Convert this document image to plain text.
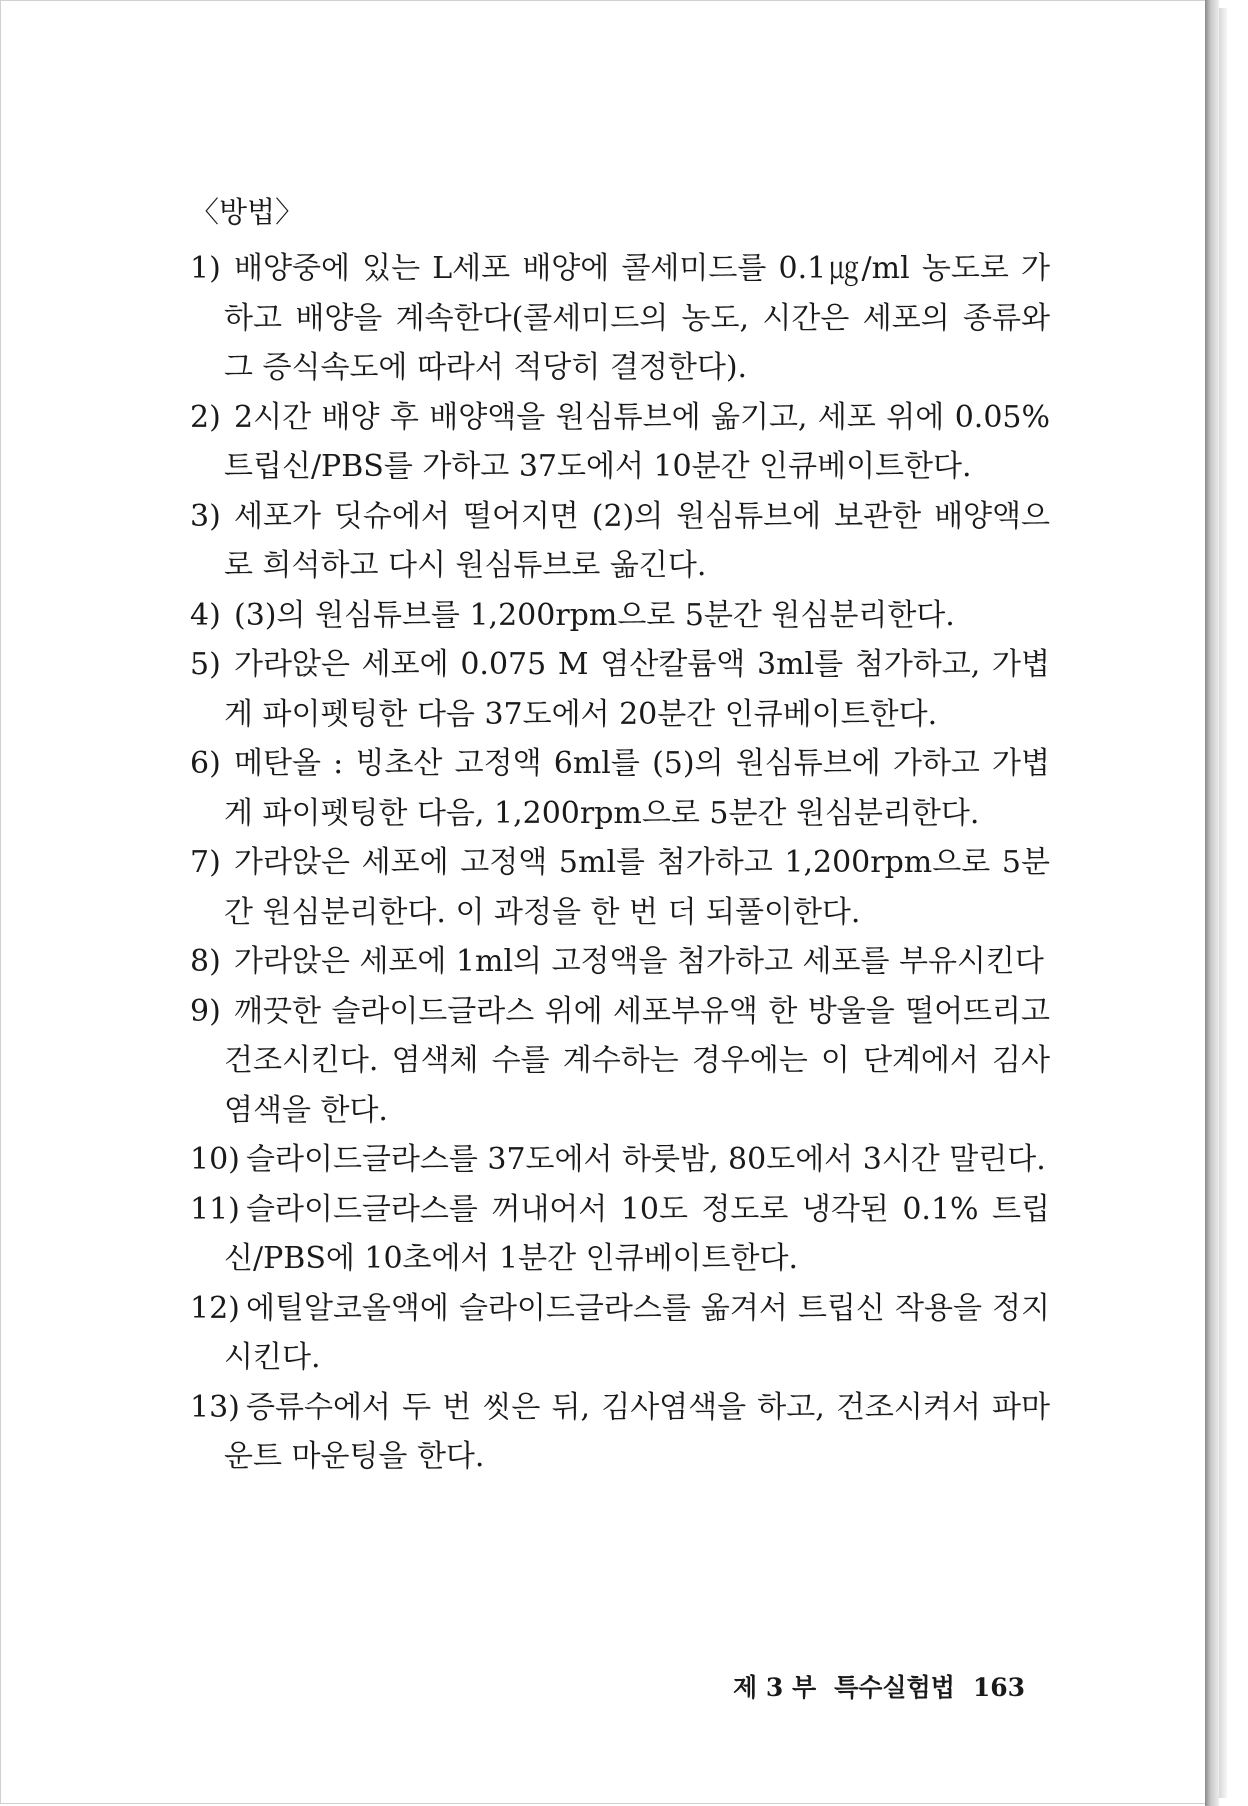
〈방법〉
1) 배양중에 있는 L세포 배양에 콜세미드를 0.1㎍/ml 농도로 가하고 배양을 계속한다(콜세미드의 농도, 시간은 세포의 종류와 그 증식속도에 따라서 적당히 결정한다).
2) 2시간 배양 후 배양액을 원심튜브에 옮기고, 세포 위에 0.05% 트립신/PBS를 가하고 37도에서 10분간 인큐베이트한다.
3) 세포가 딧슈에서 떨어지면 (2)의 원심튜브에 보관한 배양액으로 희석하고 다시 원심튜브로 옮긴다.
4) (3)의 원심튜브를 1,200rpm으로 5분간 원심분리한다.
5) 가라앉은 세포에 0.075 M 염산칼륨액 3ml를 첨가하고, 가볍게 파이펫팅한 다음 37도에서 20분간 인큐베이트한다.
6) 메탄올 : 빙초산 고정액 6ml를 (5)의 원심튜브에 가하고 가볍게 파이펫팅한 다음, 1,200rpm으로 5분간 원심분리한다.
7) 가라앉은 세포에 고정액 5ml를 첨가하고 1,200rpm으로 5분간 원심분리한다. 이 과정을 한 번 더 되풀이한다.
8) 가라앉은 세포에 1ml의 고정액을 첨가하고 세포를 부유시킨다
9) 깨끗한 슬라이드글라스 위에 세포부유액 한 방울을 떨어뜨리고 건조시킨다. 염색체 수를 계수하는 경우에는 이 단계에서 김사염색을 한다.
10) 슬라이드글라스를 37도에서 하룻밤, 80도에서 3시간 말린다.
11) 슬라이드글라스를 꺼내어서 10도 정도로 냉각된 0.1% 트립신/PBS에 10초에서 1분간 인큐베이트한다.
12) 에틸알코올액에 슬라이드글라스를 옮겨서 트립신 작용을 정지시킨다.
13) 증류수에서 두 번 씻은 뒤, 김사염색을 하고, 건조시켜서 파마운트 마운팅을 한다.
제 3 부 특수실험법 163
